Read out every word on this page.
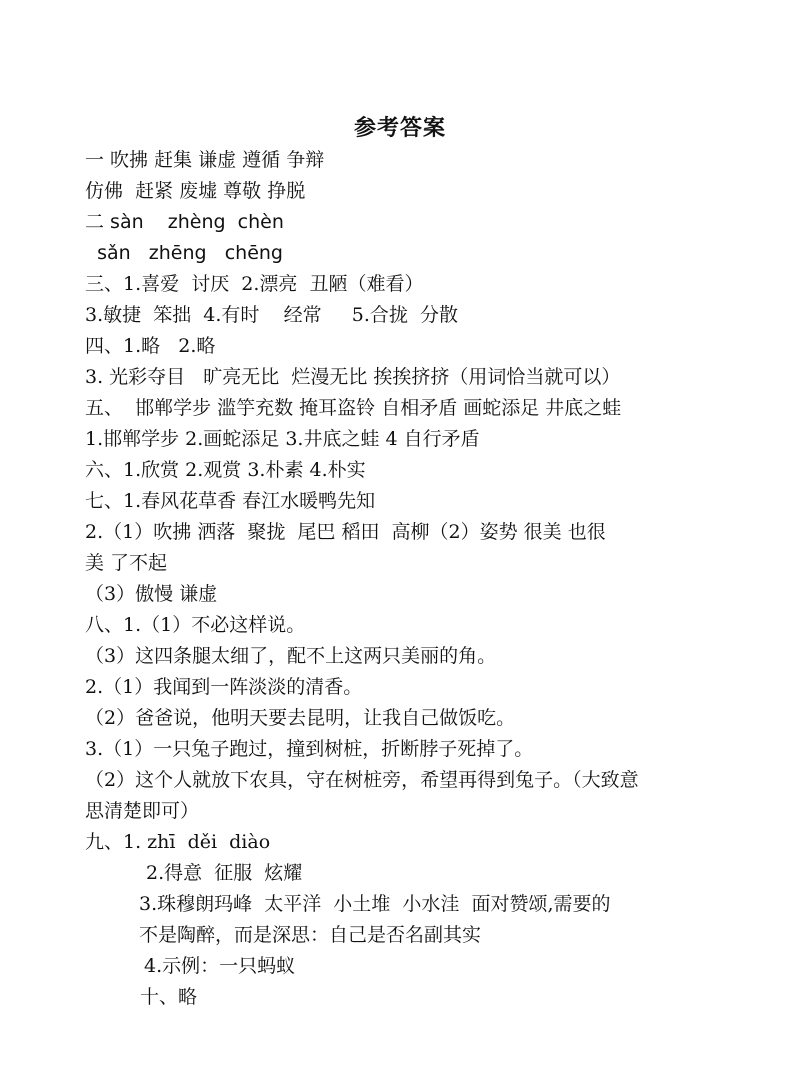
参考答案
一 吹拂 赶集 谦虚 遵循 争辩
仿佛  赶紧 废墟 尊敬 挣脱
二 sàn    zhèng  chèn
sǎn   zhēng   chēng
三、1.喜爱  讨厌  2.漂亮  丑陋（难看）
3.敏捷  笨拙  4.有时    经常     5.合拢  分散
四、1.略   2.略
3. 光彩夺目   旷亮无比  烂漫无比 挨挨挤挤（用词恰当就可以）
五、  邯郸学步 滥竽充数 掩耳盗铃 自相矛盾 画蛇添足 井底之蛙
1.邯郸学步 2.画蛇添足 3.井底之蛙 4 自行矛盾
六、1.欣赏 2.观赏 3.朴素 4.朴实
七、1.春风花草香 春江水暖鸭先知
2.（1）吹拂 洒落  聚拢  尾巴 稻田  高柳（2）姿势 很美 也很
美 了不起
（3）傲慢 谦虚
八、1.（1）不必这样说。
（3）这四条腿太细了，配不上这两只美丽的角。
2.（1）我闻到一阵淡淡的清香。
（2）爸爸说，他明天要去昆明，让我自己做饭吃。
3.（1）一只兔子跑过，撞到树桩，折断脖子死掉了。
（2）这个人就放下农具，守在树桩旁，希望再得到兔子。（大致意
思清楚即可）
九、1. zhī  děi  diào
2.得意  征服  炫耀
3.珠穆朗玛峰  太平洋  小土堆  小水洼  面对赞颂,需要的
不是陶醉，而是深思：自己是否名副其实
4.示例：一只蚂蚁
十、略
